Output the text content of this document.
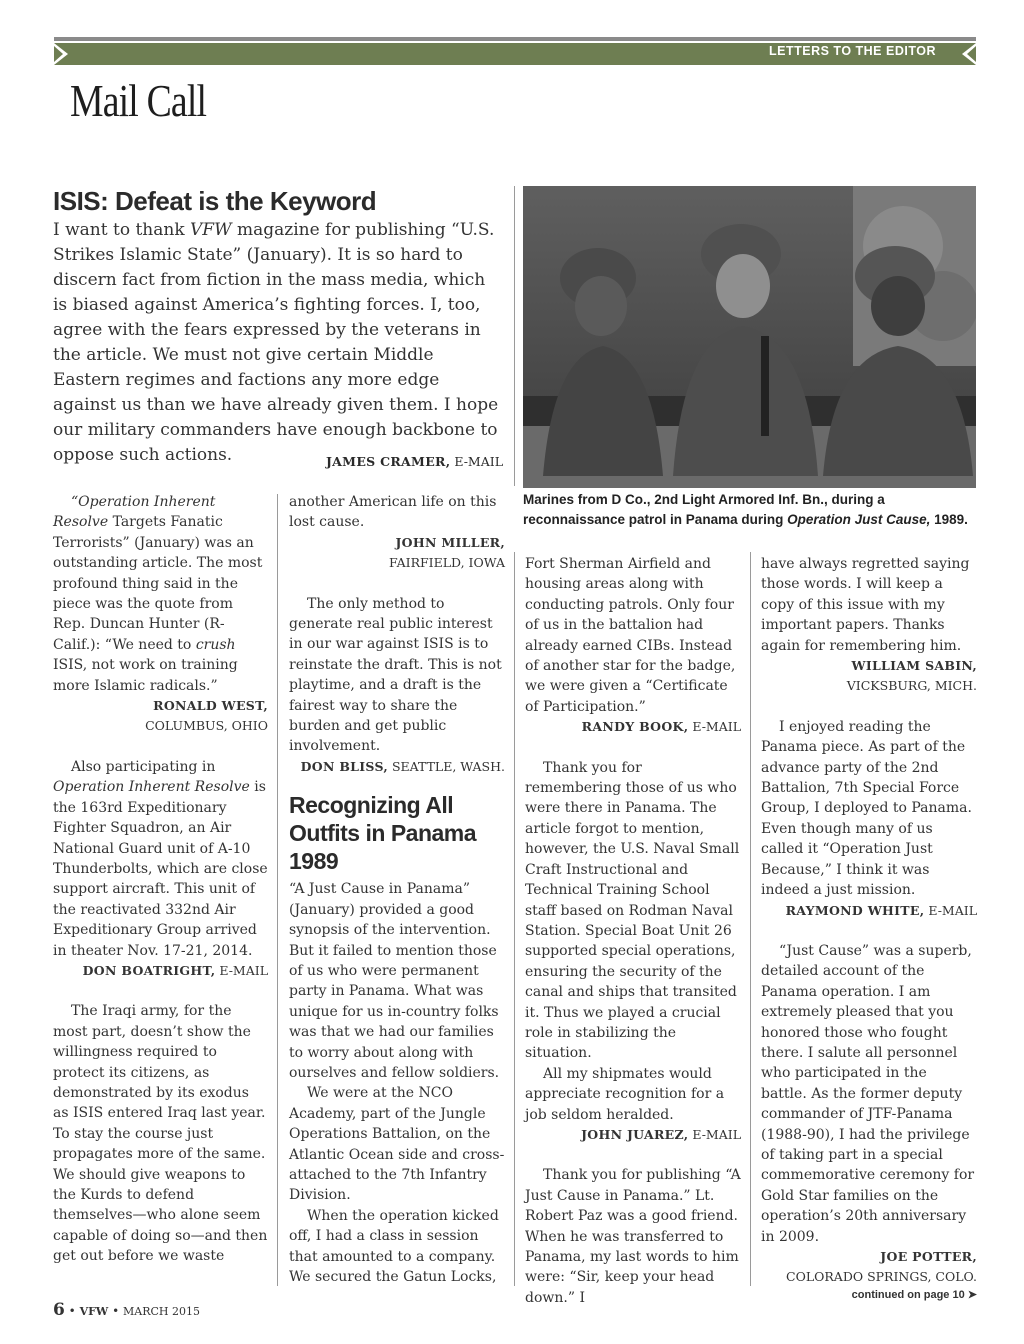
LETTERS TO THE EDITOR
Mail Call
ISIS: Defeat is the Keyword
I want to thank VFW magazine for publishing “U.S. Strikes Islamic State” (January). It is so hard to discern fact from fiction in the mass media, which is biased against America’s fighting forces. I, too, agree with the fears expressed by the veterans in the article. We must not give certain Middle Eastern regimes and factions any more edge against us than we have already given them. I hope our military commanders have enough backbone to oppose such actions.	JAMES CRAMER, E-MAIL
Marines from D Co., 2nd Light Armored Inf. Bn., during a reconnaissance patrol in Panama during Operation Just Cause, 1989.

“Operation Inherent Resolve Targets Fanatic Terrorists” (January) was an outstanding article. The most profound thing said in the piece was the quote from Rep. Duncan Hunter (R-Calif.): “We need to crush ISIS, not work on training more Islamic radicals.”

RONALD WEST,

COLUMBUS, OHIO

Also participating in Operation Inherent Resolve is the 163rd Expeditionary Fighter Squadron, an Air National Guard unit of A-10 Thunderbolts, which are close support aircraft. This unit of the reactivated 332nd Air Expeditionary Group arrived in theater Nov. 17-21, 2014.

DON BOATRIGHT, E-MAIL

The Iraqi army, for the most part, doesn’t show the willingness required to protect its citizens, as demonstrated by its exodus as ISIS entered Iraq last year. To stay the course just propagates more of the same. We should give weapons to the Kurds to defend themselves—who alone seem capable of doing so—and then get out before we waste

another American life on this lost cause.

JOHN MILLER,

FAIRFIELD, IOWA

The only method to generate real public interest in our war against ISIS is to reinstate the draft. This is not playtime, and a draft is the fairest way to share the burden and get public involvement.

DON BLISS, SEATTLE, WASH.

Recognizing All Outfits in Panama 1989

“A Just Cause in Panama” (January) provided a good synopsis of the intervention. But it failed to mention those of us who were permanent party in Panama. What was unique for us in-country folks was that we had our families to worry about along with ourselves and fellow soldiers.

We were at the NCO Academy, part of the Jungle Operations Battalion, on the Atlantic Ocean side and cross-attached to the 7th Infantry Division.

When the operation kicked off, I had a class in session that amounted to a company. We secured the Gatun Locks,

Fort Sherman Airfield and housing areas along with conducting patrols. Only four of us in the battalion had already earned CIBs. Instead of another star for the badge, we were given a “Certificate of Participation.”

RANDY BOOK, E-MAIL

Thank you for remembering those of us who were there in Panama. The article forgot to mention, however, the U.S. Naval Small Craft Instructional and Technical Training School staff based on Rodman Naval Station. Special Boat Unit 26 supported special operations, ensuring the security of the canal and ships that transited it. Thus we played a crucial role in stabilizing the situation.

All my shipmates would appreciate recognition for a job seldom heralded.

JOHN JUAREZ, E-MAIL

Thank you for publishing “A Just Cause in Panama.” Lt. Robert Paz was a good friend. When he was transferred to Panama, my last words to him were: “Sir, keep your head down.” I

have always regretted saying those words. I will keep a copy of this issue with my important papers. Thanks again for remembering him.

WILLIAM SABIN,

VICKSBURG, MICH.

I enjoyed reading the Panama piece. As part of the advance party of the 2nd Battalion, 7th Special Force Group, I deployed to Panama. Even though many of us called it “Operation Just Because,” I think it was indeed a just mission.

RAYMOND WHITE, E-MAIL

“Just Cause” was a superb, detailed account of the Panama operation. I am extremely pleased that you honored those who fought there. I salute all personnel who participated in the battle. As the former deputy commander of JTF-Panama (1988-90), I had the privilege of taking part in a special commemorative ceremony for Gold Star families on the operation’s 20th anniversary in 2009.

JOE POTTER,

COLORADO SPRINGS, COLO.

continued on page 10 ➤

6 • VFW • MARCH 2015
